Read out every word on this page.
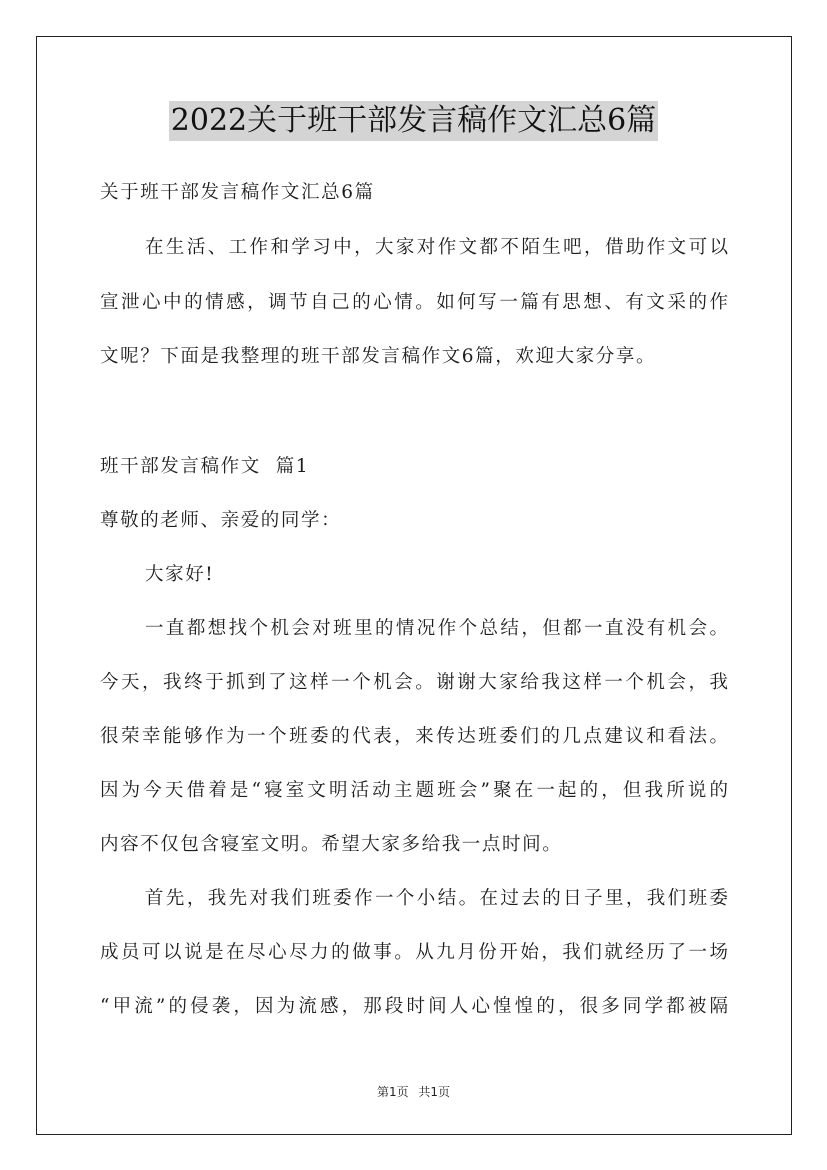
2022关于班干部发言稿作文汇总6篇
关于班干部发言稿作文汇总6篇
在生活、工作和学习中，大家对作文都不陌生吧，借助作文可以
宣泄心中的情感，调节自己的心情。如何写一篇有思想、有文采的作
文呢？下面是我整理的班干部发言稿作文6篇，欢迎大家分享。
班干部发言稿作文  篇1
尊敬的老师、亲爱的同学：
大家好!
一直都想找个机会对班里的情况作个总结，但都一直没有机会。
今天，我终于抓到了这样一个机会。谢谢大家给我这样一个机会，我
很荣幸能够作为一个班委的代表，来传达班委们的几点建议和看法。
因为今天借着是“寝室文明活动主题班会”聚在一起的，但我所说的
内容不仅包含寝室文明。希望大家多给我一点时间。
首先，我先对我们班委作一个小结。在过去的日子里，我们班委
成员可以说是在尽心尽力的做事。从九月份开始，我们就经历了一场
“甲流”的侵袭，因为流感，那段时间人心惶惶的，很多同学都被隔
第1页 共1页
